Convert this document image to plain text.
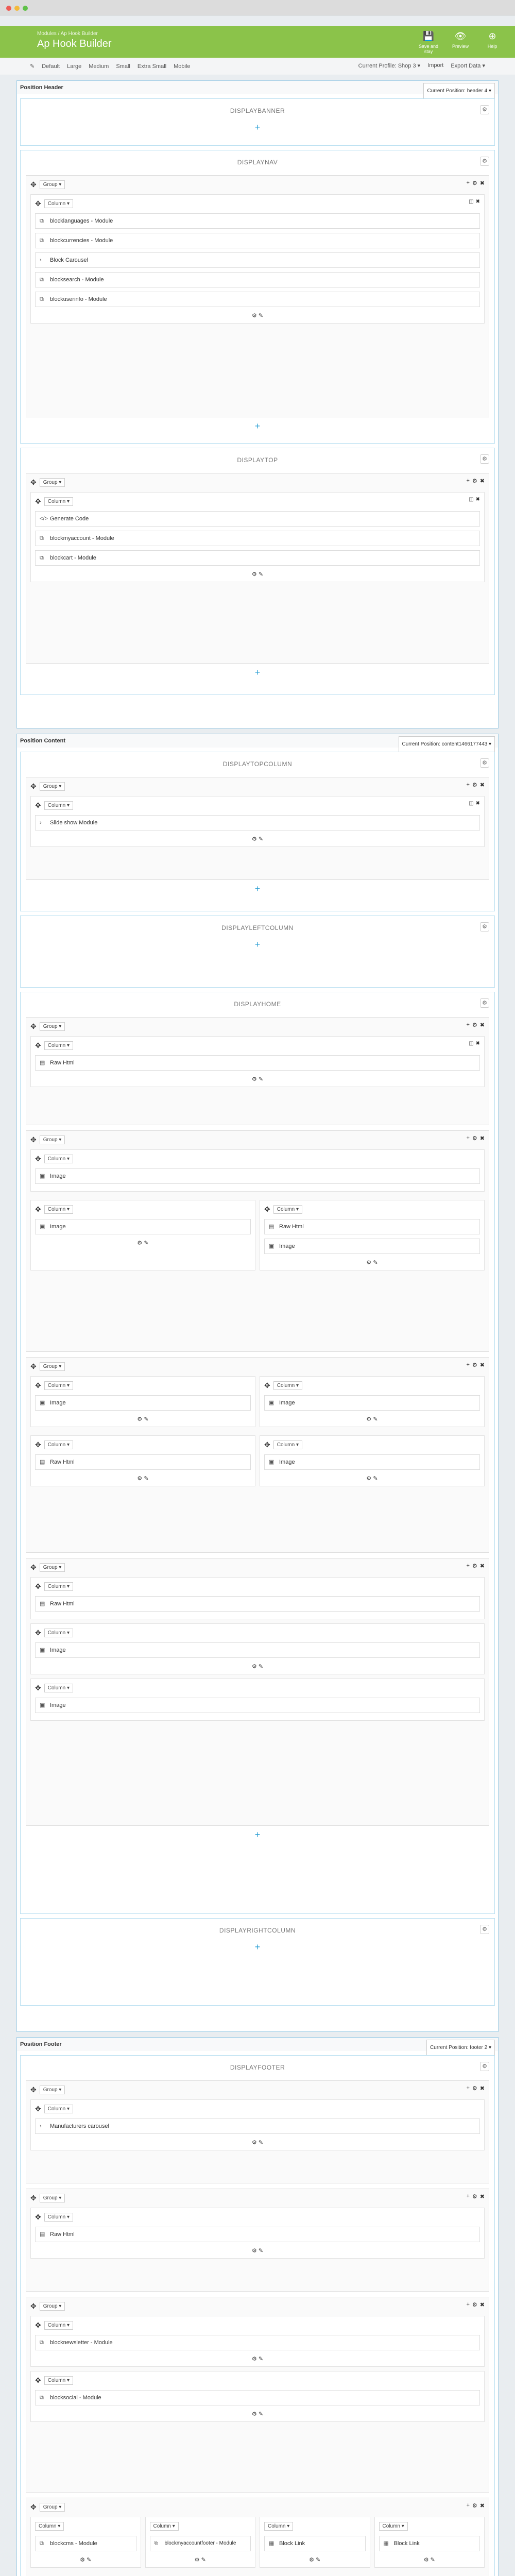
Modules / Ap Hook Builder
Ap Hook Builder
💾
Save and stay
👁
Preview
⊕
Help
✎ Default Large Medium Small Extra Small Mobile	Current Profile: Shop 3 ▾ Import Export Data ▾
Position Header
Current Position: header 4 ▾
DISPLAYBANNER	⚙
+
DISPLAYNAV	⚙
✥	Group ▾	+ ⚙ ✖
✥	Column ▾	◫ ✖
⧉ blocklanguages - Module
⧉ blockcurrencies - Module
› Block Carousel
⧉ blocksearch - Module
⧉ blockuserinfo - Module
⚙ ✎
+
DISPLAYTOP	⚙
✥	Group ▾	+ ⚙ ✖
✥	Column ▾	◫ ✖
</> Generate Code
⧉ blockmyaccount - Module
⧉ blockcart - Module
⚙ ✎
+
Position Content
Current Position: content1466177443 ▾
DISPLAYTOPCOLUMN	⚙
✥	Group ▾	+ ⚙ ✖
✥	Column ▾	◫ ✖
› Slide show Module
⚙ ✎
+
DISPLAYLEFTCOLUMN	⚙
+
DISPLAYHOME	⚙
✥	Group ▾	+ ⚙ ✖
✥	Column ▾	◫ ✖
▤ Raw Html
⚙ ✎
✥	Group ▾	+ ⚙ ✖
✥	Column ▾
▣ Image
✥	Column ▾
▣ Image
⚙ ✎
✥	Column ▾
▤ Raw Html
▣ Image
⚙ ✎
✥	Group ▾	+ ⚙ ✖
✥	Column ▾
▣ Image
⚙ ✎
✥	Column ▾
▣ Image
⚙ ✎
✥	Column ▾
▤ Raw Html
⚙ ✎
✥	Column ▾
▣ Image
⚙ ✎
✥	Group ▾	+ ⚙ ✖
✥	Column ▾
▤ Raw Html
✥	Column ▾
▣ Image
⚙ ✎
✥	Column ▾
▣ Image
+
DISPLAYRIGHTCOLUMN	⚙
+
Position Footer
Current Position: footer 2 ▾
DISPLAYFOOTER	⚙
✥	Group ▾	+ ⚙ ✖
✥	Column ▾
› Manufacturers carousel
⚙ ✎
✥	Group ▾	+ ⚙ ✖
✥	Column ▾
▤ Raw Html
⚙ ✎
✥	Group ▾	+ ⚙ ✖
✥	Column ▾
⧉ blocknewsletter - Module
⚙ ✎
✥	Column ▾
⧉ blocksocial - Module
⚙ ✎
✥	Group ▾	+ ⚙ ✖
Column ▾
⧉ blockcms - Module
⚙ ✎
Column ▾
⧉ blockmyaccountfooter - Module
⚙ ✎
Column ▾
▦ Block Link
⚙ ✎
Column ▾
▦ Block Link
⚙ ✎
